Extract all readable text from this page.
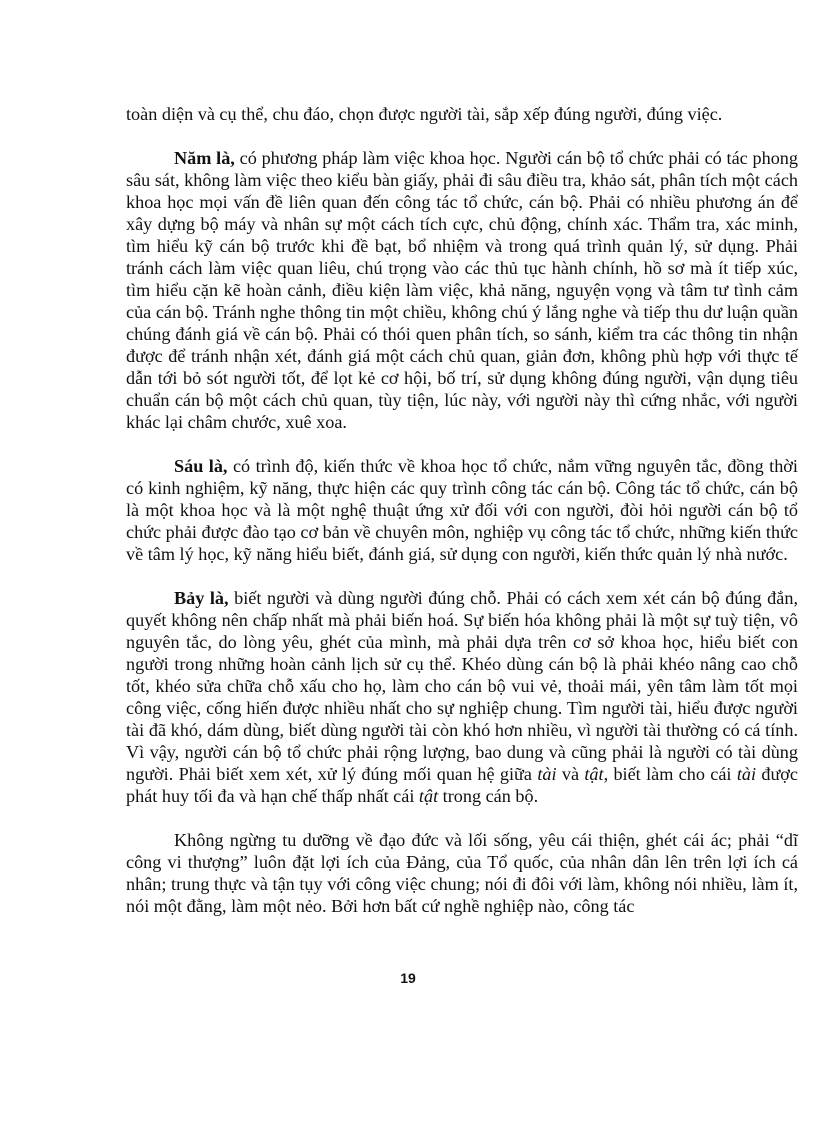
toàn diện và cụ thể, chu đáo, chọn được người tài, sắp xếp đúng người, đúng việc.

Năm là, có phương pháp làm việc khoa học. Người cán bộ tổ chức phải có tác phong sâu sát, không làm việc theo kiểu bàn giấy, phải đi sâu điều tra, khảo sát, phân tích một cách khoa học mọi vấn đề liên quan đến công tác tổ chức, cán bộ. Phải có nhiều phương án để xây dựng bộ máy và nhân sự một cách tích cực, chủ động, chính xác. Thẩm tra, xác minh, tìm hiểu kỹ cán bộ trước khi đề bạt, bổ nhiệm và trong quá trình quản lý, sử dụng. Phải tránh cách làm việc quan liêu, chú trọng vào các thủ tục hành chính, hồ sơ mà ít tiếp xúc, tìm hiểu cặn kẽ hoàn cảnh, điều kiện làm việc, khả năng, nguyện vọng và tâm tư tình cảm của cán bộ. Tránh nghe thông tin một chiều, không chú ý lắng nghe và tiếp thu dư luận quần chúng đánh giá về cán bộ. Phải có thói quen phân tích, so sánh, kiểm tra các thông tin nhận được để tránh nhận xét, đánh giá một cách chủ quan, giản đơn, không phù hợp với thực tế dẫn tới bỏ sót người tốt, để lọt kẻ cơ hội, bố trí, sử dụng không đúng người, vận dụng tiêu chuẩn cán bộ một cách chủ quan, tùy tiện, lúc này, với người này thì cứng nhắc, với người khác lại châm chước, xuê xoa.

Sáu là, có trình độ, kiến thức về khoa học tổ chức, nắm vững nguyên tắc, đồng thời có kinh nghiệm, kỹ năng, thực hiện các quy trình công tác cán bộ. Công tác tổ chức, cán bộ là một khoa học và là một nghệ thuật ứng xử đối với con người, đòi hỏi người cán bộ tổ chức phải được đào tạo cơ bản về chuyên môn, nghiệp vụ công tác tổ chức, những kiến thức về tâm lý học, kỹ năng hiểu biết, đánh giá, sử dụng con người, kiến thức quản lý nhà nước.

Bảy là, biết người và dùng người đúng chỗ. Phải có cách xem xét cán bộ đúng đắn, quyết không nên chấp nhất mà phải biến hoá. Sự biến hóa không phải là một sự tuỳ tiện, vô nguyên tắc, do lòng yêu, ghét của mình, mà phải dựa trên cơ sở khoa học, hiểu biết con người trong những hoàn cảnh lịch sử cụ thể. Khéo dùng cán bộ là phải khéo nâng cao chỗ tốt, khéo sửa chữa chỗ xấu cho họ, làm cho cán bộ vui vẻ, thoải mái, yên tâm làm tốt mọi công việc, cống hiến được nhiều nhất cho sự nghiệp chung. Tìm người tài, hiểu được người tài đã khó, dám dùng, biết dùng người tài còn khó hơn nhiều, vì người tài thường có cá tính. Vì vậy, người cán bộ tổ chức phải rộng lượng, bao dung và cũng phải là người có tài dùng người. Phải biết xem xét, xử lý đúng mối quan hệ giữa tài và tật, biết làm cho cái tài được phát huy tối đa và hạn chế thấp nhất cái tật trong cán bộ.

Không ngừng tu dưỡng về đạo đức và lối sống, yêu cái thiện, ghét cái ác; phải “dĩ công vi thượng” luôn đặt lợi ích của Đảng, của Tổ quốc, của nhân dân lên trên lợi ích cá nhân; trung thực và tận tụy với công việc chung; nói đi đôi với làm, không nói nhiều, làm ít, nói một đằng, làm một nẻo. Bởi hơn bất cứ nghề nghiệp nào, công tác

19
